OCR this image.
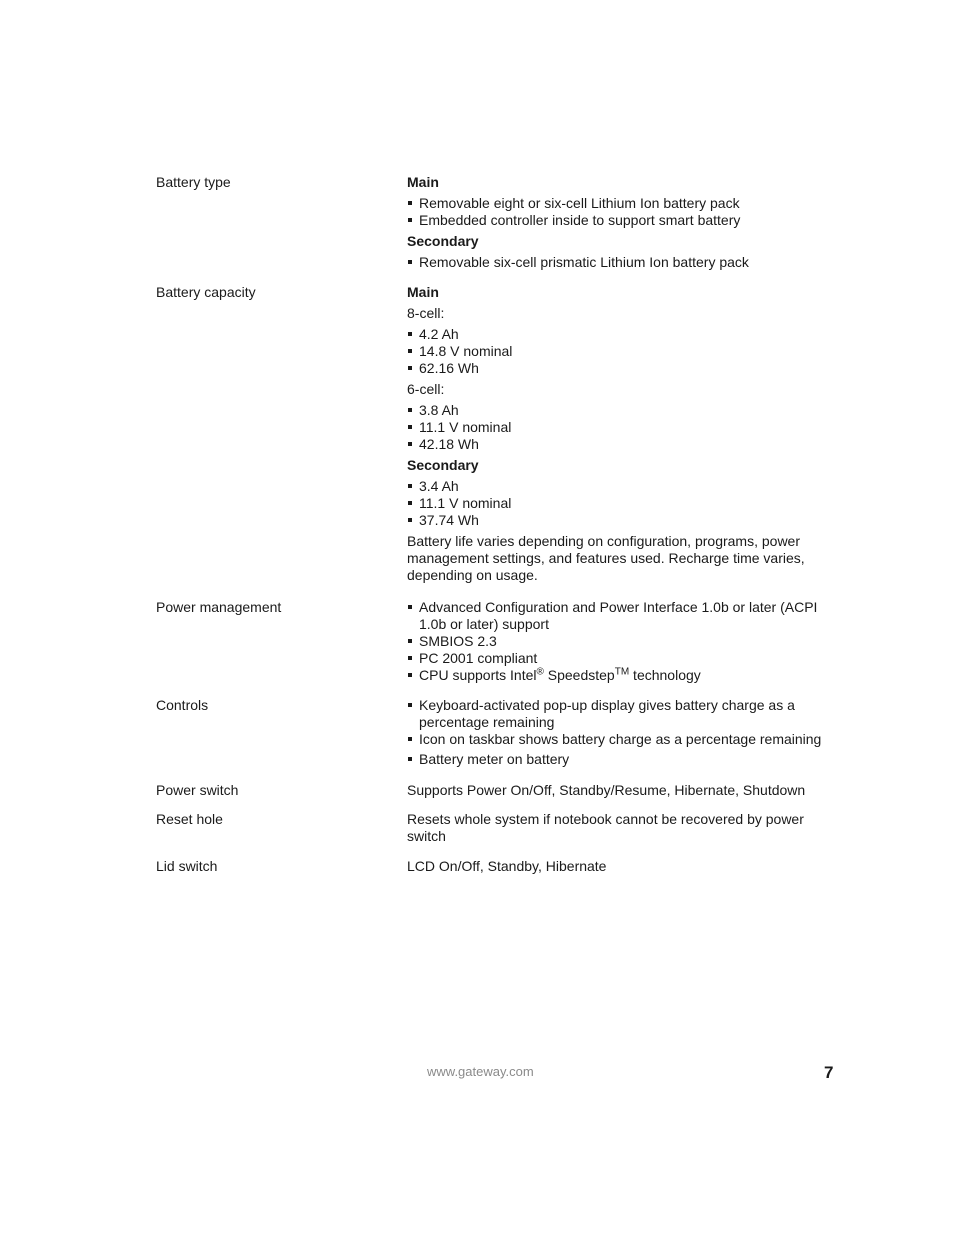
Battery type	Main
Removable eight or six-cell Lithium Ion battery pack
Embedded controller inside to support smart battery
Secondary
Removable six-cell prismatic Lithium Ion battery pack
Battery capacity	Main
8-cell:
4.2 Ah
14.8 V nominal
62.16 Wh
6-cell:
3.8 Ah
11.1 V nominal
42.18 Wh
Secondary
3.4 Ah
11.1 V nominal
37.74 Wh
Battery life varies depending on configuration, programs, power management settings, and features used. Recharge time varies, depending on usage.
Power management	Advanced Configuration and Power Interface 1.0b or later (ACPI 1.0b or later) support
SMBIOS 2.3
PC 2001 compliant
CPU supports Intel® Speedstep™ technology
Controls	Keyboard-activated pop-up display gives battery charge as a percentage remaining
Icon on taskbar shows battery charge as a percentage remaining
Battery meter on battery
Power switch	Supports Power On/Off, Standby/Resume, Hibernate, Shutdown
Reset hole	Resets whole system if notebook cannot be recovered by power switch
Lid switch	LCD On/Off, Standby, Hibernate
www.gateway.com	7
